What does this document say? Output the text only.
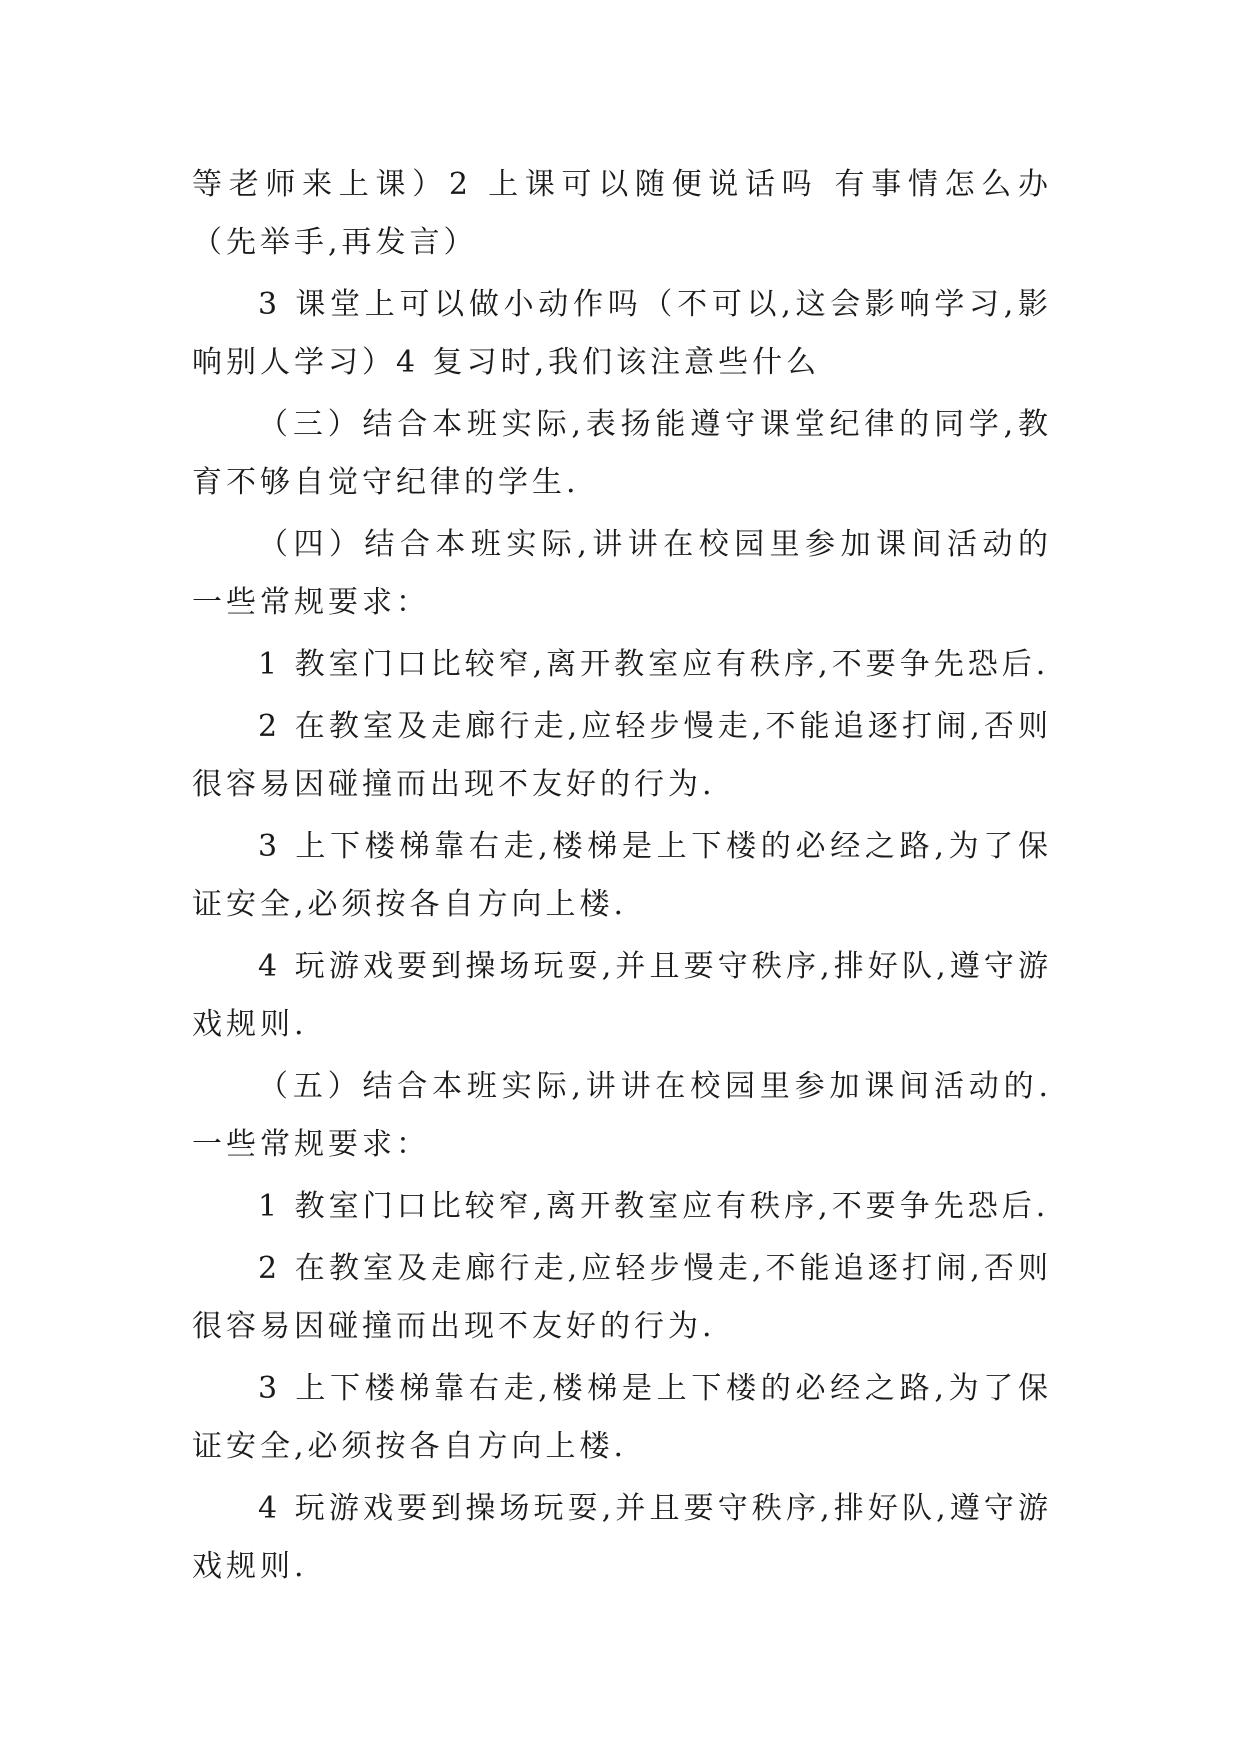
等老师来上课）2 上课可以随便说话吗 有事情怎么办（先举手,再发言）

3 课堂上可以做小动作吗（不可以,这会影响学习,影响别人学习）4 复习时,我们该注意些什么

（三）结合本班实际,表扬能遵守课堂纪律的同学,教育不够自觉守纪律的学生.

（四）结合本班实际,讲讲在校园里参加课间活动的一些常规要求：

1 教室门口比较窄,离开教室应有秩序,不要争先恐后.

2 在教室及走廊行走,应轻步慢走,不能追逐打闹,否则很容易因碰撞而出现不友好的行为.

3 上下楼梯靠右走,楼梯是上下楼的必经之路,为了保证安全,必须按各自方向上楼.

4 玩游戏要到操场玩耍,并且要守秩序,排好队,遵守游戏规则.

（五）结合本班实际,讲讲在校园里参加课间活动的.一些常规要求：

1 教室门口比较窄,离开教室应有秩序,不要争先恐后.

2 在教室及走廊行走,应轻步慢走,不能追逐打闹,否则很容易因碰撞而出现不友好的行为.

3 上下楼梯靠右走,楼梯是上下楼的必经之路,为了保证安全,必须按各自方向上楼.

4 玩游戏要到操场玩耍,并且要守秩序,排好队,遵守游戏规则.
